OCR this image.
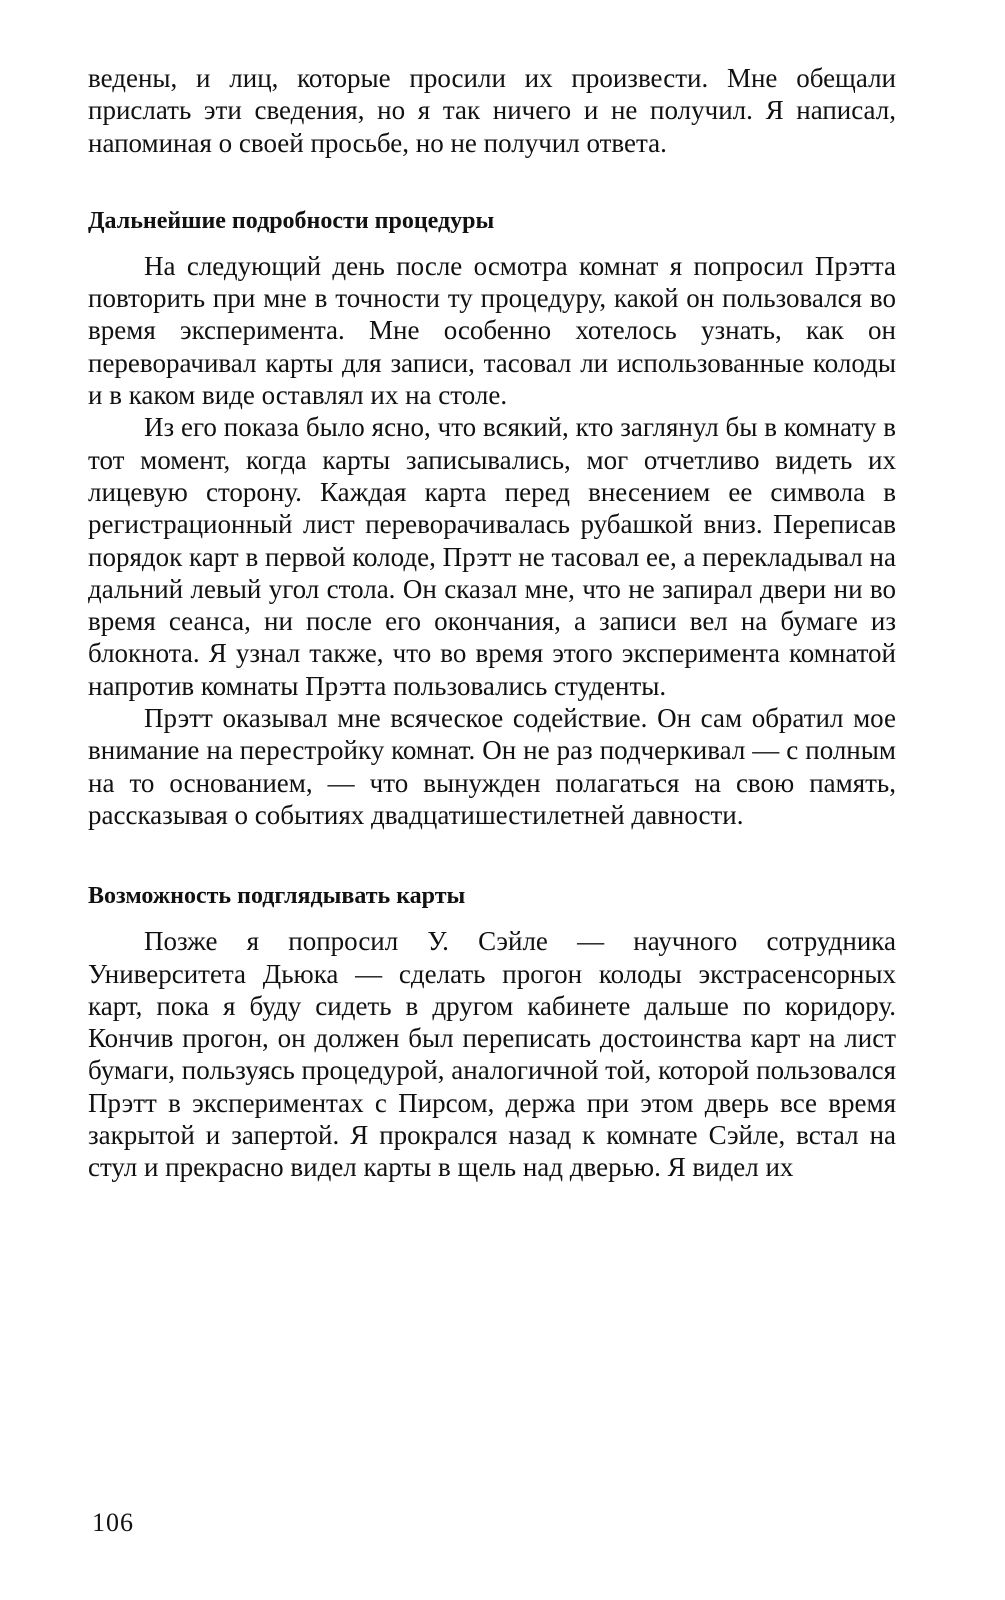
ведены, и лиц, которые просили их произвести. Мне обещали прислать эти сведения, но я так ничего и не получил. Я написал, напоминая о своей просьбе, но не получил ответа.

Дальнейшие подробности процедуры

На следующий день после осмотра комнат я попросил Прэтта повторить при мне в точности ту процедуру, какой он пользовался во время эксперимента. Мне особенно хотелось узнать, как он переворачивал карты для записи, тасовал ли использованные колоды и в каком виде оставлял их на столе.

Из его показа было ясно, что всякий, кто заглянул бы в комнату в тот момент, когда карты записывались, мог отчетливо видеть их лицевую сторону. Каждая карта перед внесением ее символа в регистрационный лист переворачивалась рубашкой вниз. Переписав порядок карт в первой колоде, Прэтт не тасовал ее, а перекладывал на дальний левый угол стола. Он сказал мне, что не запирал двери ни во время сеанса, ни после его окончания, а записи вел на бумаге из блокнота. Я узнал также, что во время этого эксперимента комнатой напротив комнаты Прэтта пользовались студенты.

Прэтт оказывал мне всяческое содействие. Он сам обратил мое внимание на перестройку комнат. Он не раз подчеркивал — с полным на то основанием, — что вынужден полагаться на свою память, рассказывая о событиях двадцатишестилетней давности.

Возможность подглядывать карты

Позже я попросил У. Сэйле — научного сотрудника Университета Дьюка — сделать прогон колоды экстрасенсорных карт, пока я буду сидеть в другом кабинете дальше по коридору. Кончив прогон, он должен был переписать достоинства карт на лист бумаги, пользуясь процедурой, аналогичной той, которой пользовался Прэтт в экспериментах с Пирсом, держа при этом дверь все время закрытой и запертой. Я прокрался назад к комнате Сэйле, встал на стул и прекрасно видел карты в щель над дверью. Я видел их

106
